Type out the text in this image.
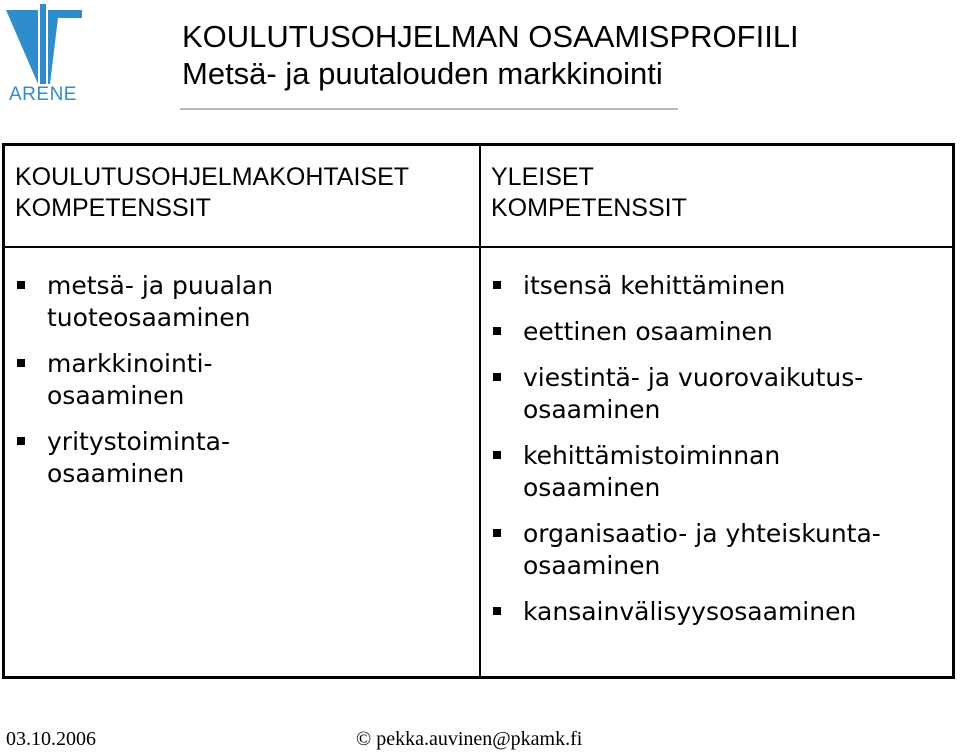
ARENE
KOULUTUSOHJELMAN OSAAMISPROFIILI
Metsä- ja puutalouden markkinointi
KOULUTUSOHJELMAKOHTAISET
KOMPETENSSIT
YLEISET
KOMPETENSSIT
metsä- ja puualan
tuoteosaaminen
markkinointi-
osaaminen
yritystoiminta-
osaaminen
itsensä kehittäminen
eettinen osaaminen
viestintä- ja vuorovaikutus-
osaaminen
kehittämistoiminnan
osaaminen
organisaatio- ja yhteiskunta-
osaaminen
kansainvälisyysosaaminen
03.10.2006	© pekka.auvinen@pkamk.fi
